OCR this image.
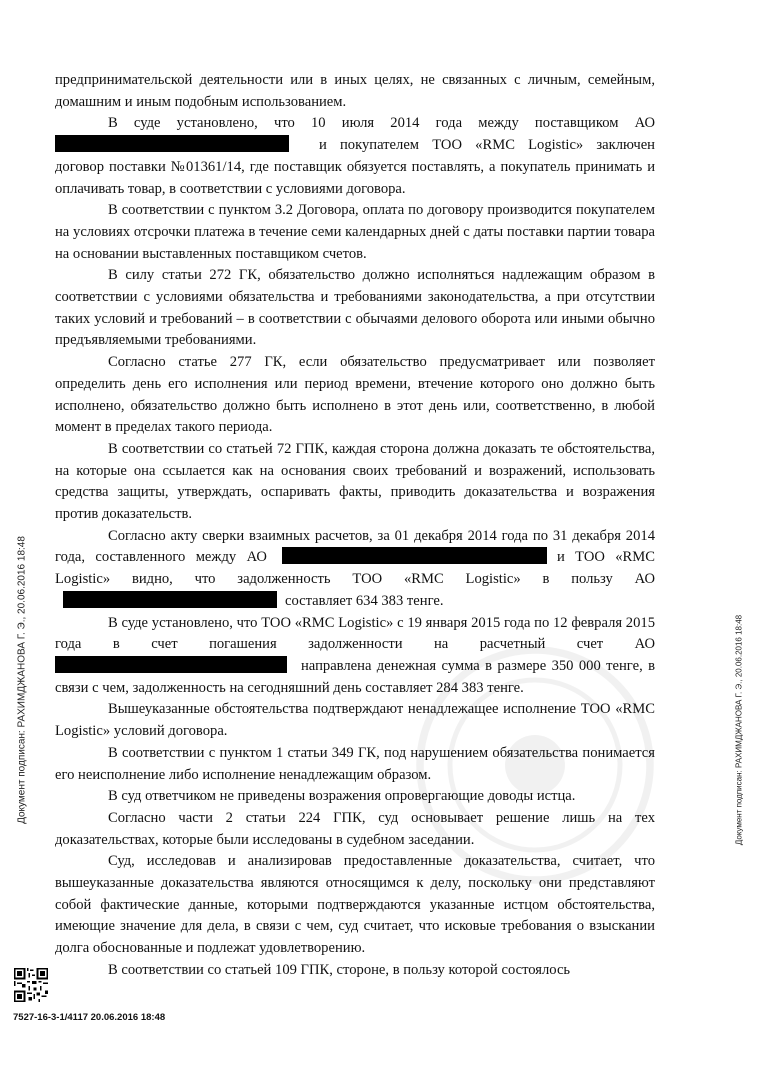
предпринимательской деятельности или в иных целях, не связанных с личным, семейным, домашним и иным подобным использованием.

В суде установлено, что 10 июля 2014 года между поставщиком АО и покупателем ТОО «RMC Logistic» заключен договор поставки №01361/14, где поставщик обязуется поставлять, а покупатель принимать и оплачивать товар, в соответствии с условиями договора.

В соответствии с пунктом 3.2 Договора, оплата по договору производится покупателем на условиях отсрочки платежа в течение семи календарных дней с даты поставки партии товара на основании выставленных поставщиком счетов.

В силу статьи 272 ГК, обязательство должно исполняться надлежащим образом в соответствии с условиями обязательства и требованиями законодательства, а при отсутствии таких условий и требований – в соответствии с обычаями делового оборота или иными обычно предъявляемыми требованиями.

Согласно статье 277 ГК, если обязательство предусматривает или позволяет определить день его исполнения или период времени, втечение которого оно должно быть исполнено, обязательство должно быть исполнено в этот день или, соответственно, в любой момент в пределах такого периода.

В соответствии со статьей 72 ГПК, каждая сторона должна доказать те обстоятельства, на которые она ссылается как на основания своих требований и возражений, использовать средства защиты, утверждать, оспаривать факты, приводить доказательства и возражения против доказательств.

Согласно акту сверки взаимных расчетов, за 01 декабря 2014 года по 31 декабря 2014 года, составленного между АО	и ТОО «RMC Logistic» видно, что задолженность ТОО «RMC Logistic» в пользу АОсоставляет 634 383 тенге.

В суде установлено, что ТОО «RMC Logistic» с 19 января 2015 года по 12 февраля 2015 года в счет погашения задолженности на расчетный счет АО направлена денежная сумма в размере 350 000 тенге, в связи с чем, задолженность на сегодняшний день составляет 284 383 тенге.

Вышеуказанные обстоятельства подтверждают ненадлежащее исполнение ТОО «RMC Logistic» условий договора.

В соответствии с пунктом 1 статьи 349 ГК, под нарушением обязательства понимается его неисполнение либо исполнение ненадлежащим образом.

В суд ответчиком не приведены возражения опровергающие доводы истца.

Согласно части 2 статьи 224 ГПК, суд основывает решение лишь на тех доказательствах, которые были исследованы в судебном заседании.

Суд, исследовав и анализировав предоставленные доказательства, считает, что вышеуказанные доказательства являются относящимся к делу, поскольку они представляют собой фактические данные, которыми подтверждаются указанные истцом обстоятельства, имеющие значение для дела, в связи с чем, суд считает, что исковые требования о взыскании долга обоснованные и подлежат удовлетворению.

В соответствии со статьей 109 ГПК, стороне, в пользу которой состоялось

Документ подписан: РАХИМДЖАНОВА Г. Э., 20.06.2016 18:48	Документ подписан: РАХИМДЖАНОВА Г. Э., 20.06.2016 18:48
7527-16-3-1/4117 20.06.2016 18:48
